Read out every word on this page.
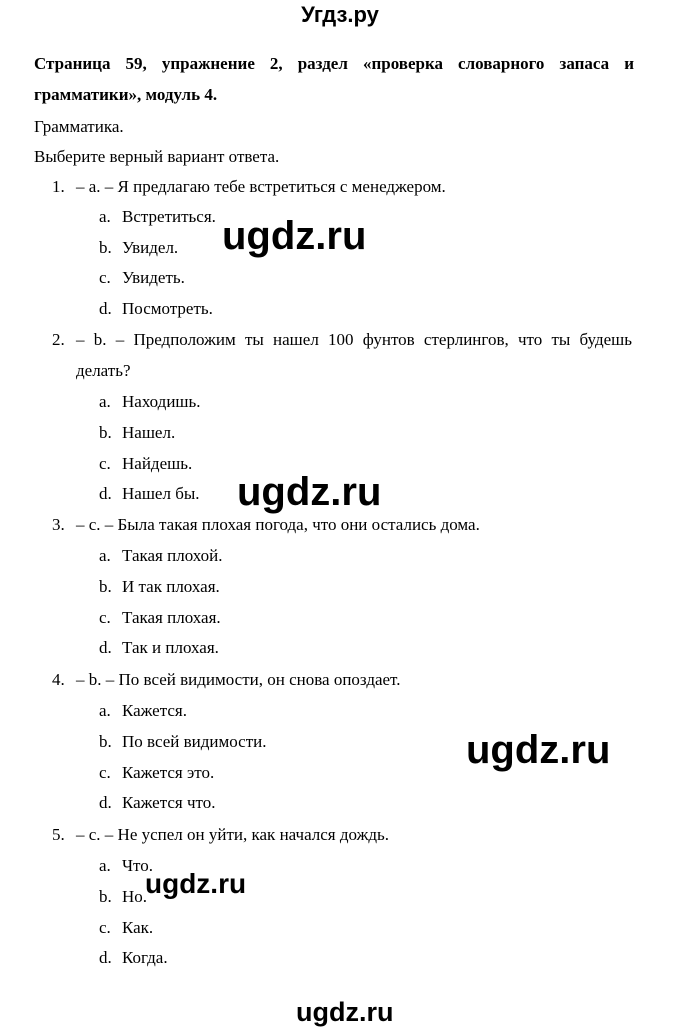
Угдз.ру
Страница 59, упражнение 2, раздел «проверка словарного запаса и
грамматики», модуль 4.
Грамматика.
Выберите верный вариант ответа.
1. – a. – Я предлагаю тебе встретиться с менеджером.
a. Встретиться.
b. Увидел.
c. Увидеть.
d. Посмотреть.
2. – b. – Предположим ты нашел 100 фунтов стерлингов, что ты будешь
делать?
a. Находишь.
b. Нашел.
c. Найдешь.
d. Нашел бы.
3. – c. – Была такая плохая погода, что они остались дома.
a. Такая плохой.
b. И так плохая.
c. Такая плохая.
d. Так и плохая.
4. – b. – По всей видимости, он снова опоздает.
a. Кажется.
b. По всей видимости.
c. Кажется это.
d. Кажется что.
5. – c. – Не успел он уйти, как начался дождь.
a. Что.
b. Но.
c. Как.
d. Когда.
ugdz.ru
ugdz.ru
ugdz.ru
ugdz.ru
ugdz.ru
